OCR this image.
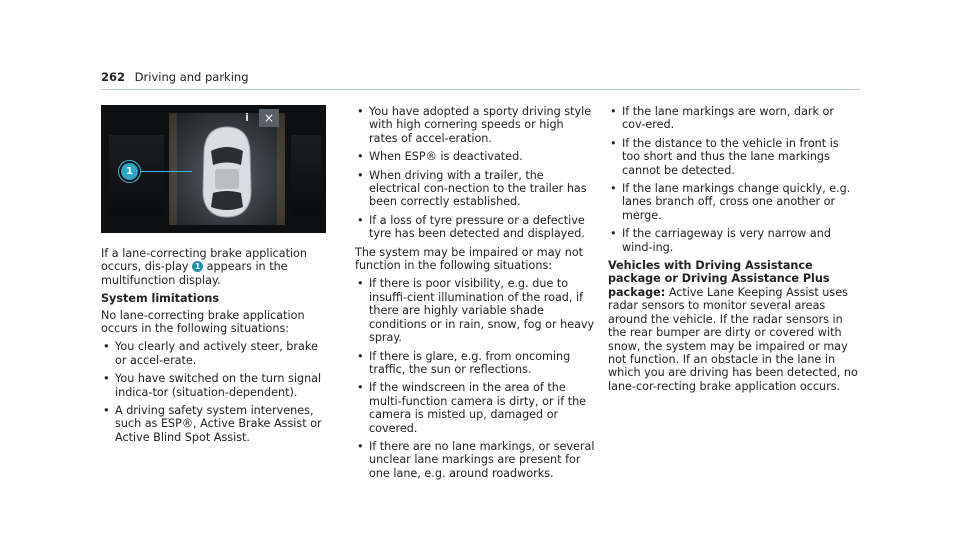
262 Driving and parking
i	×
1

If a lane-correcting brake application occurs, dis-play 1 appears in the multifunction display.

System limitations

No lane-correcting brake application occurs in the following situations:

• You clearly and actively steer, brake or accel-erate.
• You have switched on the turn signal indica-tor (situation-dependent).
• A driving safety system intervenes, such as ESP®, Active Brake Assist or Active Blind Spot Assist.
• You have adopted a sporty driving style with high cornering speeds or high rates of accel-eration.
• When ESP® is deactivated.
• When driving with a trailer, the electrical con-nection to the trailer has been correctly established.
• If a loss of tyre pressure or a defective tyre has been detected and displayed.

The system may be impaired or may not function in the following situations:

• If there is poor visibility, e.g. due to insuffi-cient illumination of the road, if there are highly variable shade conditions or in rain, snow, fog or heavy spray.
• If there is glare, e.g. from oncoming traffic, the sun or reflections.
• If the windscreen in the area of the multi-function camera is dirty, or if the camera is misted up, damaged or covered.
• If there are no lane markings, or several unclear lane markings are present for one lane, e.g. around roadworks.
• If the lane markings are worn, dark or cov-ered.
• If the distance to the vehicle in front is too short and thus the lane markings cannot be detected.
• If the lane markings change quickly, e.g. lanes branch off, cross one another or merge.
• If the carriageway is very narrow and wind-ing.

Vehicles with Driving Assistance package or Driving Assistance Plus package: Active Lane Keeping Assist uses radar sensors to monitor several areas around the vehicle. If the radar sensors in the rear bumper are dirty or covered with snow, the system may be impaired or may not function. If an obstacle in the lane in which you are driving has been detected, no lane-cor-recting brake application occurs.
